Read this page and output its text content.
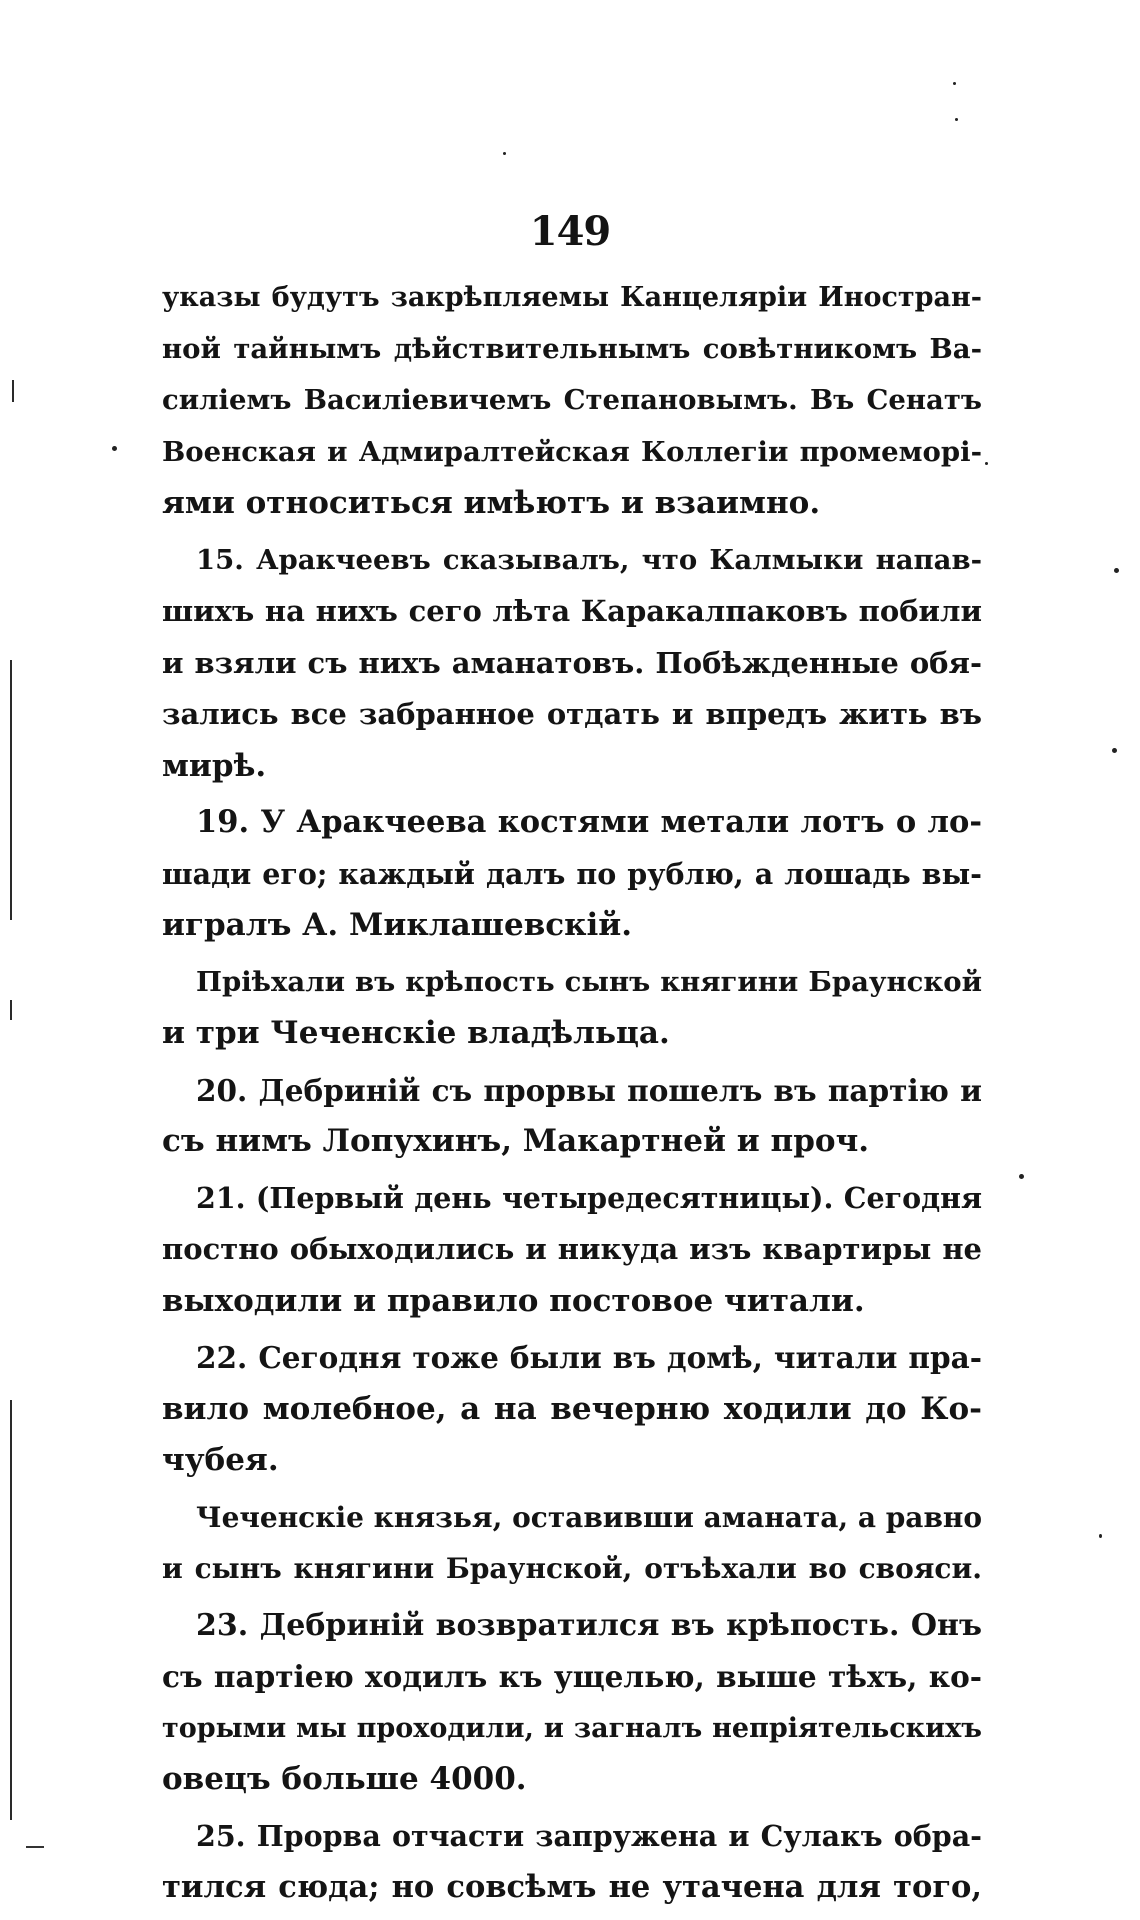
149
указы будутъ закрѣпляемы Канцеляріи Иностран-
ной тайнымъ дѣйствительнымъ совѣтникомъ Ва-
силіемъ Василіевичемъ Степановымъ. Въ Сенатъ
Военская и Адмиралтейская Коллегіи промеморі-
ями относиться имѣютъ и взаимно.
15. Аракчеевъ сказывалъ, что Калмыки напав-
шихъ на нихъ сего лѣта Каракалпаковъ побили
и взяли съ нихъ аманатовъ. Побѣжденные обя-
зались все забранное отдать и впредъ жить въ
мирѣ.
19. У Аракчеева костями метали лотъ о ло-
шади его; каждый далъ по рублю, а лошадь вы-
игралъ А. Миклашевскій.
Пріѣхали въ крѣпость сынъ княгини Браунской
и три Чеченскіе владѣльца.
20. Дебриній съ прорвы пошелъ въ партію и
съ нимъ Лопухинъ, Макартней и проч.
21. (Первый день четыредесятницы). Сегодня
постно обыходились и никуда изъ квартиры не
выходили и правило постовое читали.
22. Сегодня тоже были въ домѣ, читали пра-
вило молебное, а на вечерню ходили до Ко-
чубея.
Чеченскіе князья, оставивши аманата, а равно
и сынъ княгини Браунской, отъѣхали во свояси.
23. Дебриній возвратился въ крѣпость. Онъ
съ партіею ходилъ къ ущелью, выше тѣхъ, ко-
торыми мы проходили, и загналъ непріятельскихъ
овецъ больше 4000.
25. Прорва отчасти запружена и Сулакъ обра-
тился сюда; но совсѣмъ не утачена для того,
